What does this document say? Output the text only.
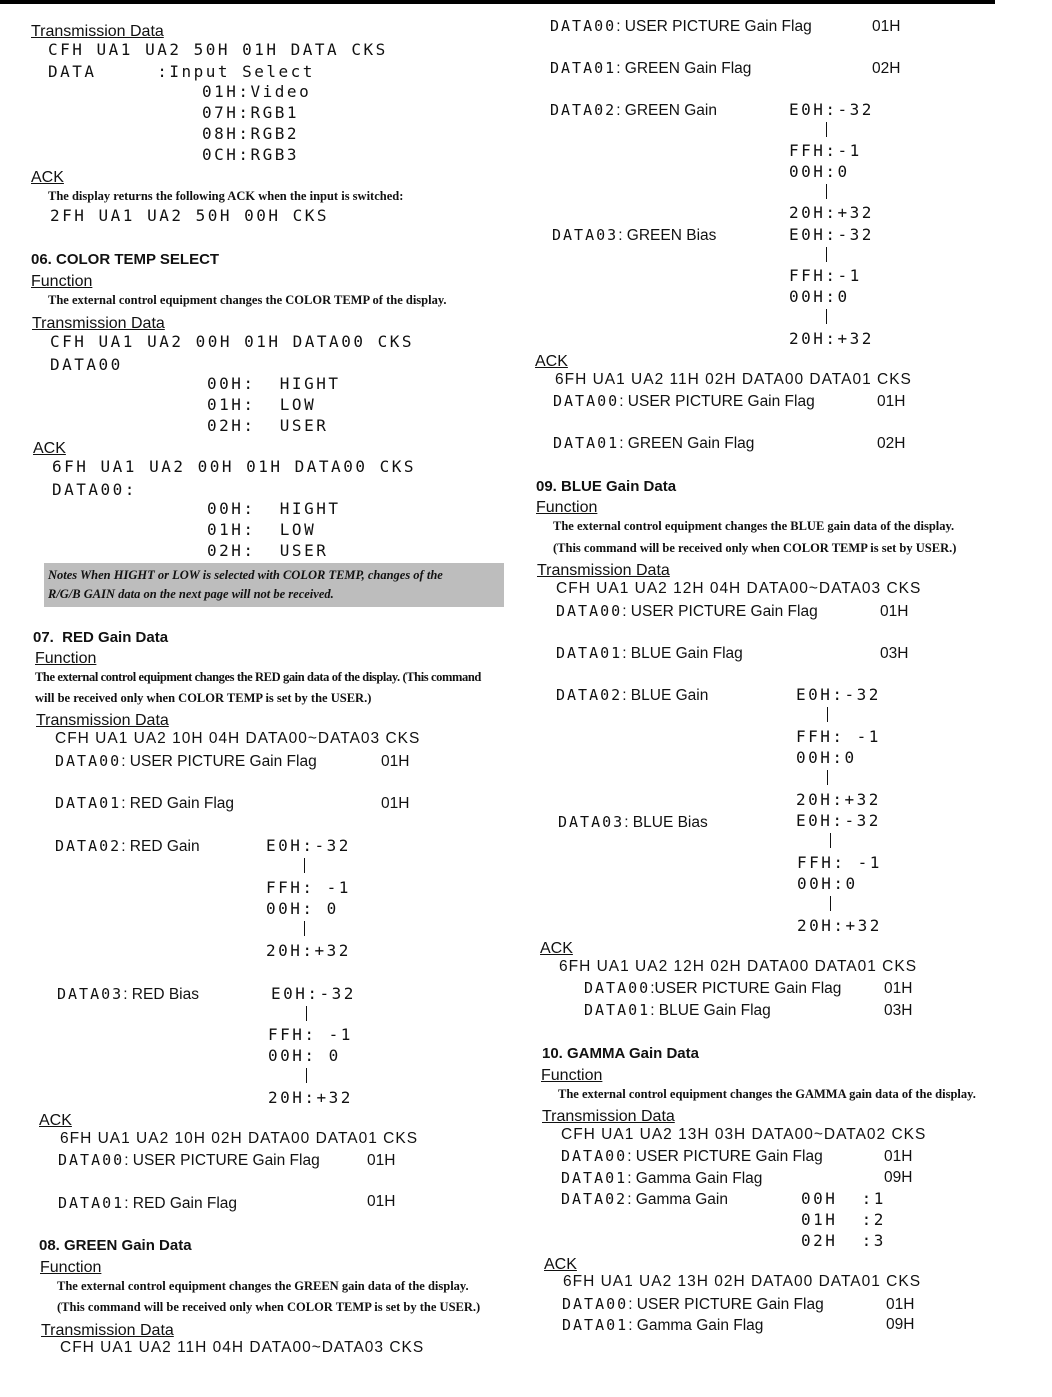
Transmission Data
CFH UA1 UA2 50H 01H DATA CKS
DATA     :Input Select
01H:Video
07H:RGB1
08H:RGB2
0CH:RGB3
ACK
The display returns the following ACK when the input is switched:
2FH UA1 UA2 50H 00H CKS
06. COLOR TEMP SELECT
Function
The external control equipment changes the COLOR TEMP of the display.
Transmission Data
CFH UA1 UA2 00H 01H DATA00 CKS
DATA00
00H:  HIGHT
01H:  LOW
02H:  USER
ACK
6FH UA1 UA2 00H 01H DATA00 CKS
DATA00:
00H:  HIGHT
01H:  LOW
02H:  USER
Notes When HIGHT or LOW is selected with COLOR TEMP, changes of the
R/G/B GAIN data on the next page will not be received.
07.  RED Gain Data
Function
The external control equipment changes the RED gain data of the display. (This command
will be received only when COLOR TEMP is set by the USER.)
Transmission Data
CFH UA1 UA2 10H 04H DATA00~DATA03 CKS
DATA00: USER PICTURE Gain Flag	01H
DATA01: RED Gain Flag	01H
DATA02: RED Gain	E0H:-32
FFH: -1
00H: 0
20H:+32
DATA03: RED Bias	E0H:-32
FFH: -1
00H: 0
20H:+32
ACK
6FH UA1 UA2 10H 02H DATA00 DATA01 CKS
DATA00: USER PICTURE Gain Flag	01H
DATA01: RED Gain Flag	01H
08. GREEN Gain Data
Function
The external control equipment changes the GREEN gain data of the display.
(This command will be received only when COLOR TEMP is set by the USER.)
Transmission Data
CFH UA1 UA2 11H 04H DATA00~DATA03 CKS
DATA00: USER PICTURE Gain Flag	01H
DATA01: GREEN Gain Flag	02H
DATA02: GREEN Gain	E0H:-32
FFH:-1
00H:0
20H:+32
DATA03: GREEN Bias	E0H:-32
FFH:-1
00H:0
20H:+32
ACK
6FH UA1 UA2 11H 02H DATA00 DATA01 CKS
DATA00: USER PICTURE Gain Flag	01H
DATA01: GREEN Gain Flag	02H
09. BLUE Gain Data
Function
The external control equipment changes the BLUE gain data of the display.
(This command will be received only when COLOR TEMP is set by USER.)
Transmission Data
CFH UA1 UA2 12H 04H DATA00~DATA03 CKS
DATA00: USER PICTURE Gain Flag	01H
DATA01: BLUE Gain Flag	03H
DATA02: BLUE Gain	E0H:-32
FFH: -1
00H:0
20H:+32
DATA03: BLUE Bias	E0H:-32
FFH: -1
00H:0
20H:+32
ACK
6FH UA1 UA2 12H 02H DATA00 DATA01 CKS
DATA00:USER PICTURE Gain Flag	01H
DATA01: BLUE Gain Flag	03H
10. GAMMA Gain Data
Function
The external control equipment changes the GAMMA gain data of the display.
Transmission Data
CFH UA1 UA2 13H 03H DATA00~DATA02 CKS
DATA00: USER PICTURE Gain Flag	01H
DATA01: Gamma Gain Flag	09H
DATA02: Gamma Gain	00H  :1
01H  :2
02H  :3
ACK
6FH UA1 UA2 13H 02H DATA00 DATA01 CKS
DATA00: USER PICTURE Gain Flag	01H
DATA01: Gamma Gain Flag	09H
